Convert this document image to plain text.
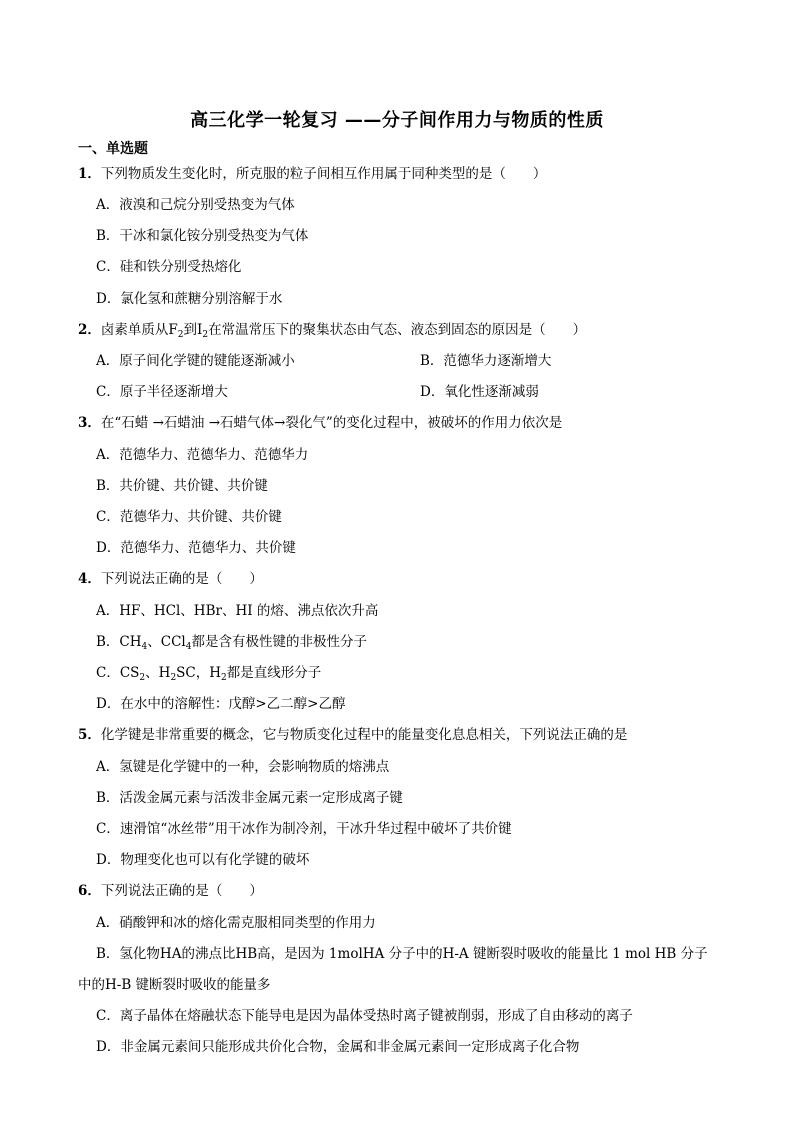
高三化学一轮复习 ——分子间作用力与物质的性质
一、单选题
1．下列物质发生变化时，所克服的粒子间相互作用属于同种类型的是（　　）
A．液溴和己烷分别受热变为气体
B．干冰和氯化铵分别受热变为气体
C．硅和铁分别受热熔化
D．氯化氢和蔗糖分别溶解于水
2．卤素单质从$F_2$到$I_2$在常温常压下的聚集状态由气态、液态到固态的原因是（　　）
A．原子间化学键的键能逐渐减小	B．范德华力逐渐增大
C．原子半径逐渐增大	D．氧化性逐渐减弱
3．在“石蜡 →石蜡油 →石蜡气体→裂化气”的变化过程中，被破坏的作用力依次是
A．范德华力、范德华力、范德华力
B．共价键、共价键、共价键
C．范德华力、共价键、共价键
D．范德华力、范德华力、共价键
4．下列说法正确的是（　　）
A．HF、HCl、HBr、HI 的熔、沸点依次升高
B．$CH_4$、CCl$_4$都是含有极性键的非极性分子
C．$CS_2$、$H_2SC$，$H_2$都是直线形分子
D．在水中的溶解性：戊醇>乙二醇>乙醇
5．化学键是非常重要的概念，它与物质变化过程中的能量变化息息相关，下列说法正确的是
A．氢键是化学键中的一种，会影响物质的熔沸点
B．活泼金属元素与活泼非金属元素一定形成离子键
C．速滑馆“冰丝带”用干冰作为制冷剂，干冰升华过程中破坏了共价键
D．物理变化也可以有化学键的破坏
6．下列说法正确的是（　　）
A．硝酸钾和冰的熔化需克服相同类型的作用力
B．氢化物HA的沸点比HB高，是因为 1molHA 分子中的H-A 键断裂时吸收的能量比 1 mol HB 分子
中的H-B 键断裂时吸收的能量多
C．离子晶体在熔融状态下能导电是因为晶体受热时离子键被削弱，形成了自由移动的离子
D．非金属元素间只能形成共价化合物，金属和非金属元素间一定形成离子化合物
